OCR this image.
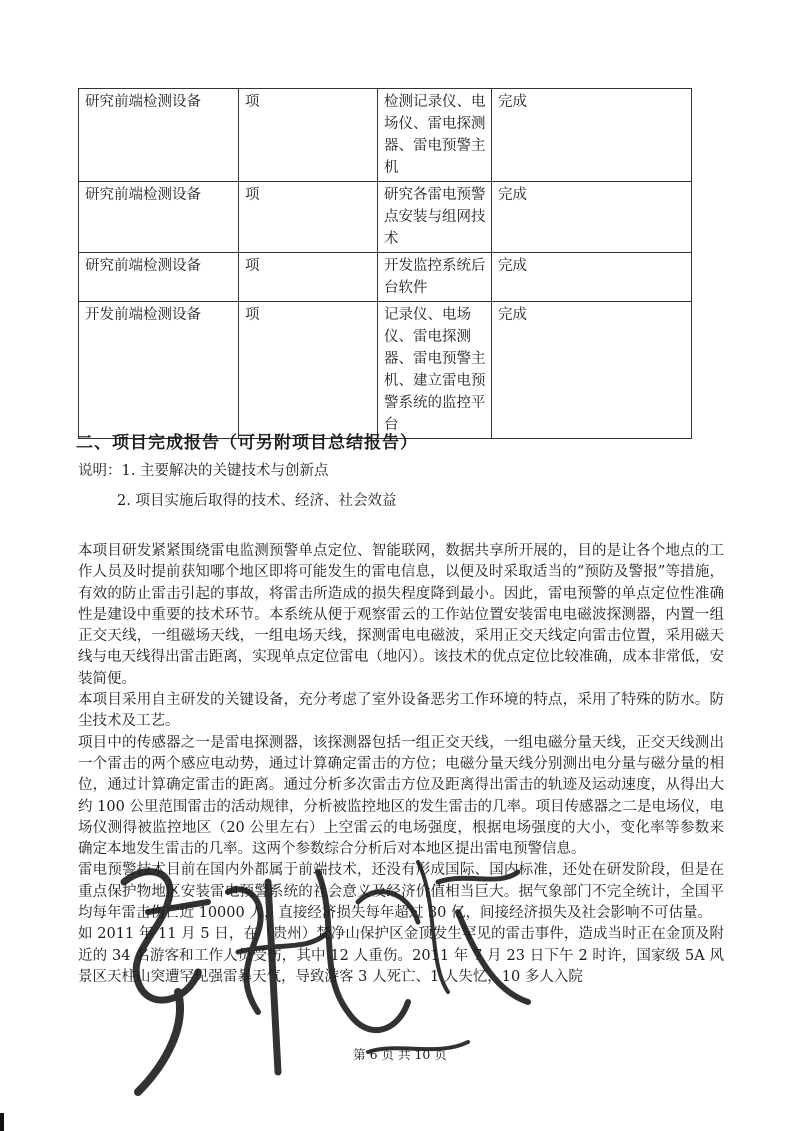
研究前端检测设备	项	检测记录仪、电场仪、雷电探测器、雷电预警主机	完成
研究前端检测设备	项	研究各雷电预警点安装与组网技术	完成
研究前端检测设备	项	开发监控系统后台软件	完成
开发前端检测设备	项	记录仪、电场仪、雷电探测器、雷电预警主机、建立雷电预警系统的监控平台	完成
二、项目完成报告（可另附项目总结报告）
说明：1. 主要解决的关键技术与创新点
2. 项目实施后取得的技术、经济、社会效益

本项目研发紧紧围绕雷电监测预警单点定位、智能联网，数据共享所开展的，目的是让各个地点的工作人员及时提前获知哪个地区即将可能发生的雷电信息，以便及时采取适当的“预防及警报”等措施，有效的防止雷击引起的事故，将雷击所造成的损失程度降到最小。因此，雷电预警的单点定位性准确性是建设中重要的技术环节。本系统从便于观察雷云的工作站位置安装雷电电磁波探测器，内置一组正交天线，一组磁场天线，一组电场天线，探测雷电电磁波，采用正交天线定向雷击位置，采用磁天线与电天线得出雷击距离，实现单点定位雷电（地闪）。该技术的优点定位比较准确，成本非常低，安装简便。

本项目采用自主研发的关键设备，充分考虑了室外设备恶劣工作环境的特点，采用了特殊的防水。防尘技术及工艺。

项目中的传感器之一是雷电探测器，该探测器包括一组正交天线，一组电磁分量天线，正交天线测出一个雷击的两个感应电动势，通过计算确定雷击的方位；电磁分量天线分别测出电分量与磁分量的相位，通过计算确定雷击的距离。通过分析多次雷击方位及距离得出雷击的轨迹及运动速度，从得出大约 100 公里范围雷击的活动规律，分析被监控地区的发生雷击的几率。项目传感器之二是电场仪，电场仪测得被监控地区（20 公里左右）上空雷云的电场强度，根据电场强度的大小，变化率等参数来确定本地发生雷击的几率。这两个参数综合分析后对本地区提出雷电预警信息。

雷电预警技术目前在国内外都属于前端技术，还没有形成国际、国内标准，还处在研发阶段，但是在重点保护物地区安装雷电预警系统的社会意义及经济价值相当巨大。据气象部门不完全统计，全国平均每年雷击伤亡近 10000 人，直接经济损失每年超过 30 亿，间接经济损失及社会影响不可估量。

如 2011 年 11 月 5 日，在（贵州）梵净山保护区金顶发生罕见的雷击事件，造成当时正在金顶及附近的 34 名游客和工作人员受伤，其中 12 人重伤。2011 年 7 月 23 日下午 2 时许，国家级 5A 风景区天柱山突遭罕见强雷暴天气，导致游客 3 人死亡、1 人失忆，10 多人入院

第 6 页 共 10 页
